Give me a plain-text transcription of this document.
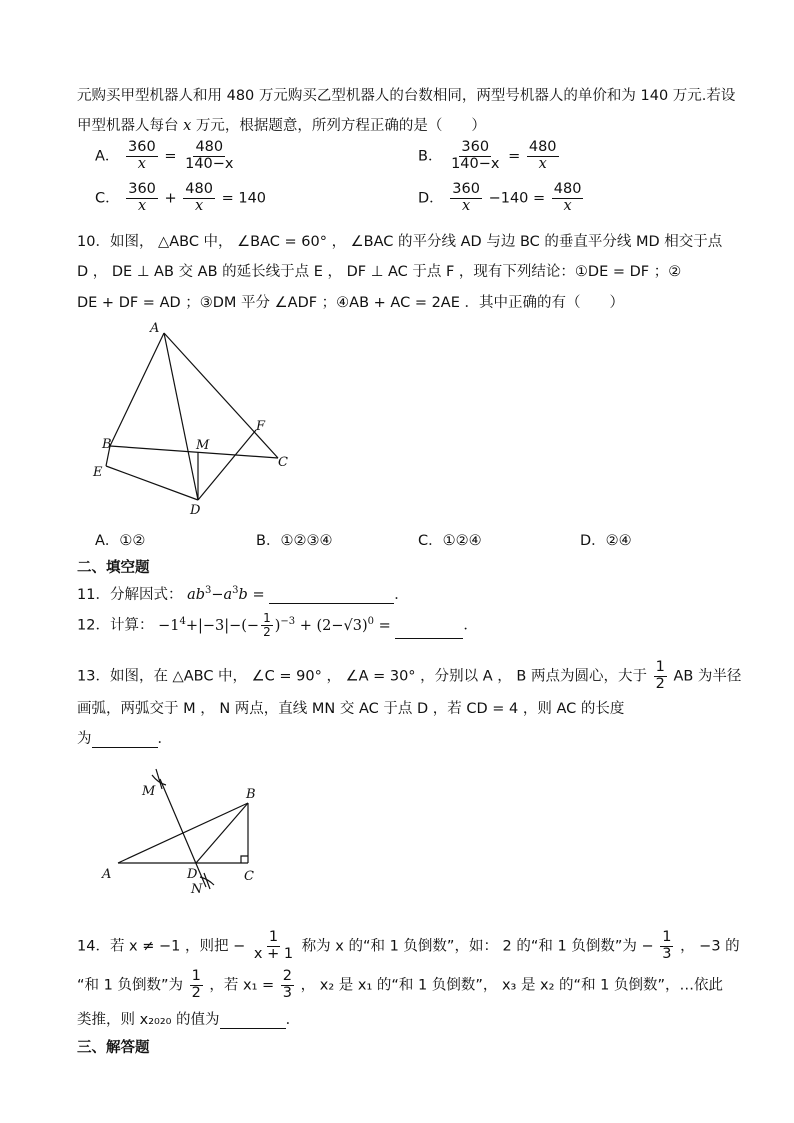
元购买甲型机器人和用 480 万元购买乙型机器人的台数相同，两型号机器人的单价和为 140 万元.若设
甲型机器人每台 x 万元，根据题意，所列方程正确的是（　　）
A． $\frac{360}{x} = \frac{480}{140-x}$	B． $\frac{360}{140-x} = \frac{480}{x}$
C． $\frac{360}{x} + \frac{480}{x} = 140$	D． $\frac{360}{x} -140 = \frac{480}{x}$
10．如图， △ABC 中， ∠BAC = 60° ， ∠BAC 的平分线 AD 与边 BC 的垂直平分线 MD 相交于点
D ， DE ⊥ AB 交 AB 的延长线于点 E ， DF ⊥ AC 于点 F ，现有下列结论：①DE = DF ；②
DE + DF = AD ；③DM 平分 ∠ADF ；④AB + AC = 2AE ．其中正确的有（　　）
A
B
C
D
E
F
M
A．①②	B．①②③④	C．①②④	D．②④
二、填空题
11．分解因式： $ab^3-a^3b$ =	．
12．计算： $-1^4+|-3|-(- \frac{1}{2} )^{-3} + (2-√3)^0$ =	．
13．如图，在 △ABC 中， ∠C = 90° ， ∠A = 30° ，分别以 A ， B 两点为圆心，大于 $\frac{1}{2}$ AB 为半径
画弧，两弧交于 M ， N 两点，直线 MN 交 AC 于点 D ，若 CD = 4 ，则 AC 的长度
为	．
A
B
C
D
M
N
14．若 x ≠ −1 ，则把 − $\frac{1}{x + 1}$ 称为 x 的“和 1 负倒数”，如： 2 的“和 1 负倒数”为 − $\frac{1}{3}$ ， −3 的
“和 1 负倒数”为 $\frac{1}{2}$ ，若 $x_1 = \frac{2}{3}$ ， x₂ 是 x₁ 的“和 1 负倒数”， x₃ 是 x₂ 的“和 1 负倒数”，…依此
类推，则 x₂₀₂₀ 的值为	．
三、解答题
